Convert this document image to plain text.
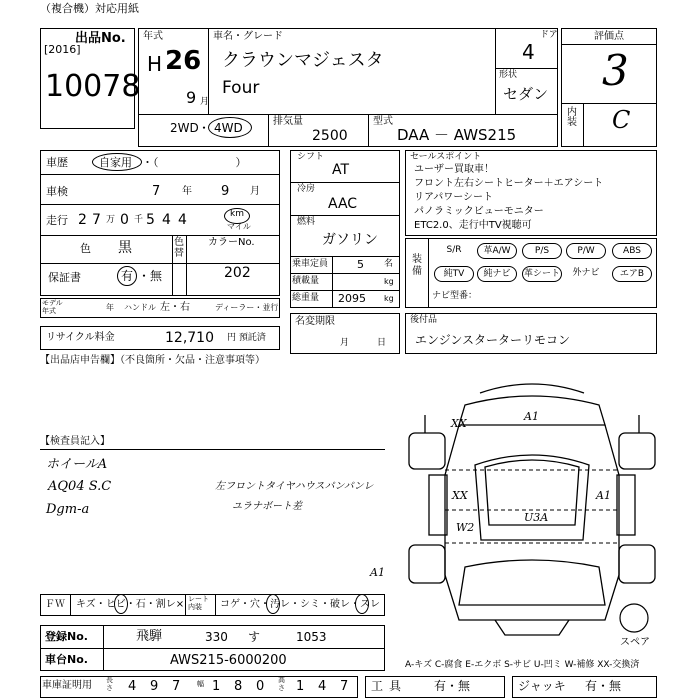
（複合機）対応用紙
出品No.
[2016]
10078
年式
H 26
9 月
車名・グレード
クラウンマジェスタ
Four
ドア
4
形状
セダン
2WD ・ 4WD	排気量
2500
型式
DAA － AWS215
評価点
3
内装 C
車歴	自家用 ・（　　　　　　　）
車検	7 年 9 月
走行 2 7 万 0 千 5 4 4	km
マイル
色 黒	色替
カラーNo.
202
保証書	有 ・無
モデル
年式	年 ハンドル 左・右	ディーラー・並行
リサイクル料金	12,710 円 預託済
【出品店申告欄】（不良箇所・欠品・注意事項等）
シフト
AT
冷房
AAC
燃料
ガソリン
乗車定員	5 名
積載量	kg
総重量 2095 kg
名変期限
月日
セールスポイント
ユーザー買取車！
フロント左右シートヒーター＋エアシート
リアパワーシート
パノラミックビューモニター
ETC2.0、走行中TV視聴可
装備
ナビ型番：
後付品
エンジンスターターリモコン
【検査員記入】
ホイールA
AQ04 S.C
Dgm-a
左フロントタイヤハウスパンパンレ
ユラナボート差
ＦＷ キズ・ヒビ・石・割レ× レート内装	コゲ・穴・汚レ・シミ・破レ・スレ
XX
A1
XX	A1
W2
U3A
A1
スペア
登録No.	飛騨	330 す	1053
車台No.	AWS215-6000200	A-キズ C-腐食 E-エクボ S-サビ U-凹ミ W-補修 XX-交換済
車庫証明用 長さ 4 9 7 幅 1 8 0 高さ 1 4 7 工具 有・無	ジャッキ 有・無
S/R	革A/W	P/S	P/W	ABS
純TV	純ナビ	革シート	外ナビ	エアB
